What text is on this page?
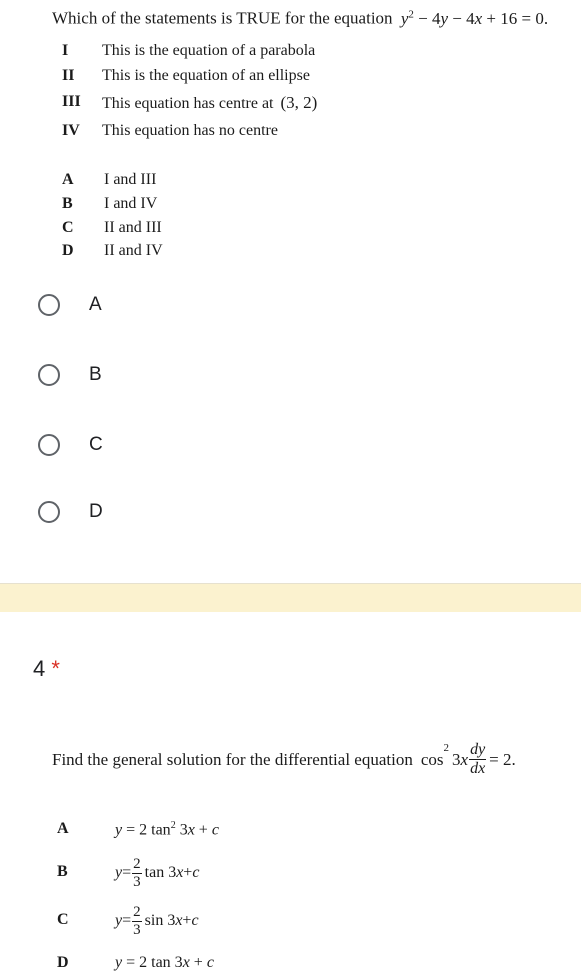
Which of the statements is TRUE for the equation $y^2 - 4y - 4x + 16 = 0$.
I This is the equation of a parabola
II This is the equation of an ellipse
III This equation has centre at (3, 2)
IV This equation has no centre
A I and III
B I and IV
C II and III
D II and IV
A
B
C
D
4 *
Find the general solution for the differential equation cos
$^2$
3 x $\frac{dy}{dx} = 2$.
A	y = 2 $\tan^2 3x + c$
B	$y = \frac{2}{3}$ tan 3 x + c
C	$y = \frac{2}{3}$ sin 3 x + c
D	y = 2 tan 3x + c
